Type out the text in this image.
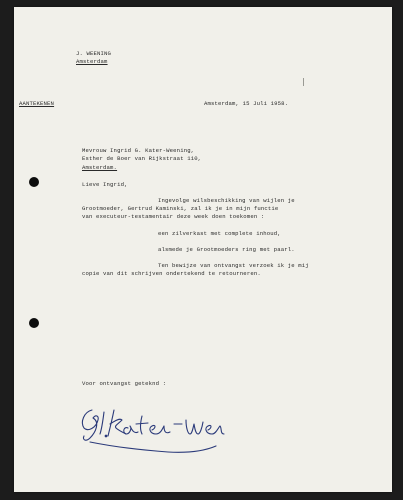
J. WEENING
Amsterdam
AANTEKENEN	Amsterdam, 15 Juli 1958.
Mevrouw Ingrid G. Kater-Weening,
Esther de Boer van Rijkstraat 110,
Amsterdam.
Lieve Ingrid,
Ingevolge wilsbeschikking van wijlen je
Grootmoeder, Gertrud Kaminski, zal ik je in mijn functie
van executeur-testamentair deze week doen toekomen :
een zilverkast met complete inhoud,
alsmede je Grootmoeders ring met paarl.
Ten bewijze van ontvangst verzoek ik je mij
copie van dit schrijven ondertekend te retourneren.
Voor ontvangst geteknd :
